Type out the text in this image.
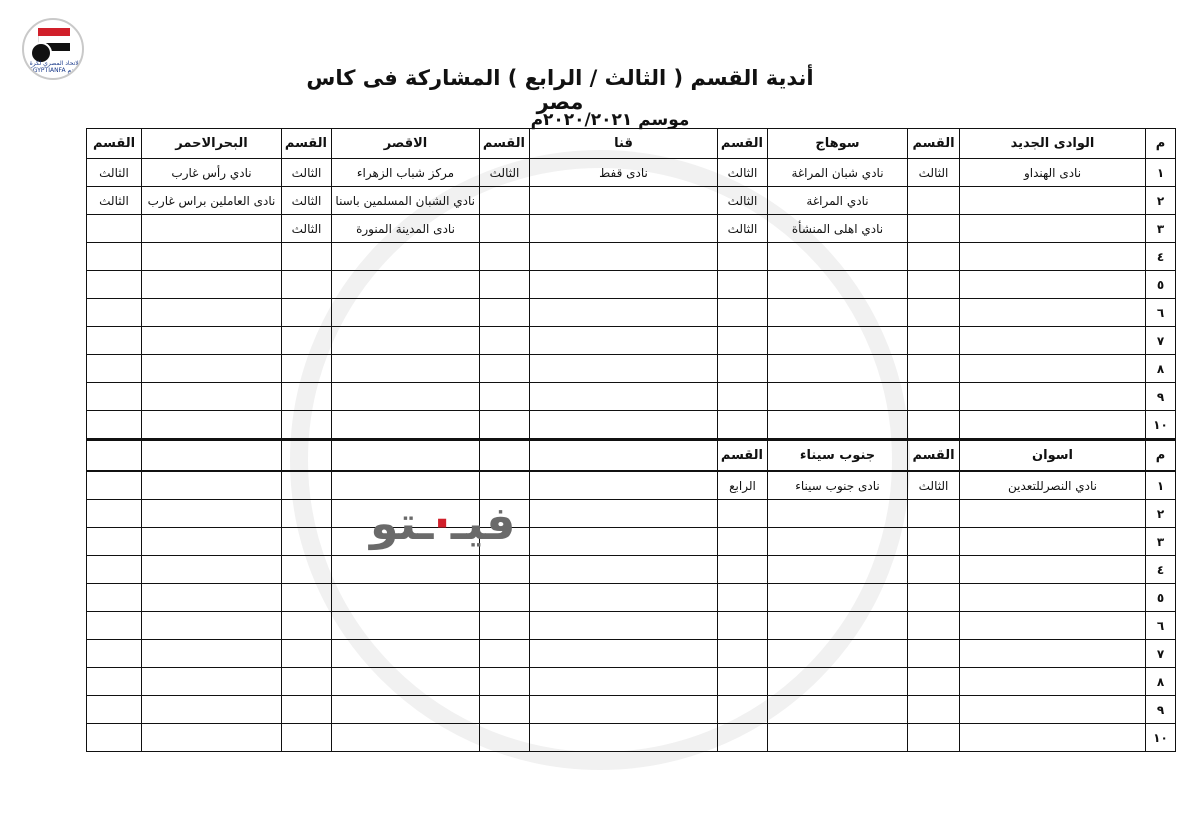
الاتحاد المصري لكرة القدم EGYPTIANFA	أندية القسم ( الثالث / الرابع ) المشاركة فى كاس مصر
موسم ٢٠٢٠/٢٠٢١م
م	الوادى الجديد	القسم	سوهاج	القسم	قنا	القسم	الاقصر	القسم	البحرالاحمر	القسم
١	نادى الهنداو	الثالث	نادي شبان المراغة	الثالث	نادى قفط	الثالث	مركز شباب الزهراء	الثالث	نادي رأس غارب	الثالث
٢			نادي المراغة	الثالث			نادي الشبان المسلمين باسنا	الثالث	نادى العاملين براس غارب	الثالث
٣			نادي اهلى المنشأة	الثالث			نادى المدينة المنورة	الثالث		
٤										
٥										
٦										
٧										
٨										
٩										
١٠										
م	اسوان	القسم	جنوب سيناء	القسم						
١	نادي النصرللتعدين	الثالث	نادى جنوب سيناء	الرابع						
٢										
٣										
٤										
٥										
٦										
٧										
٨										
٩										
١٠										
فيـ·ـتو
